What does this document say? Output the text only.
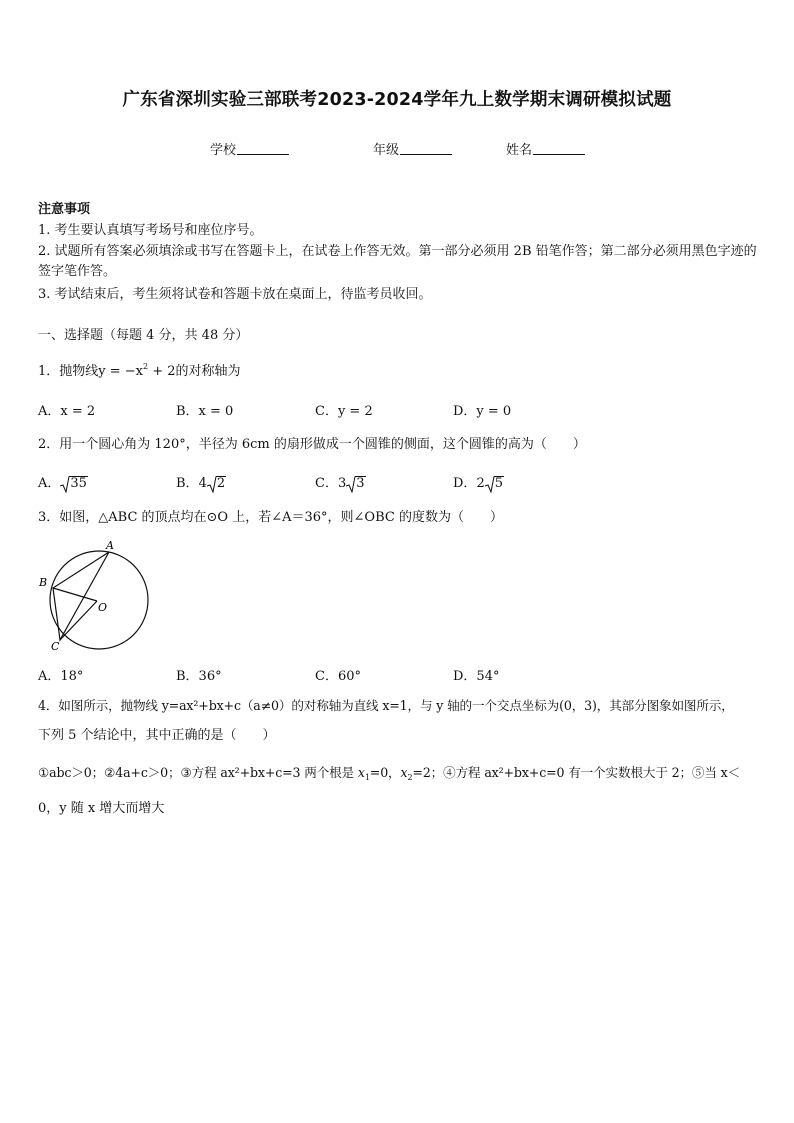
广东省深圳实验三部联考2023-2024学年九上数学期末调研模拟试题
学校	年级	姓名
注意事项
1. 考生要认真填写考场号和座位序号。
2. 试题所有答案必须填涂或书写在答题卡上，在试卷上作答无效。第一部分必须用 2B 铅笔作答；第二部分必须用黑色字迹的签字笔作答。
3. 考试结束后，考生须将试卷和答题卡放在桌面上，待监考员收回。
一、选择题（每题 4 分，共 48 分）
1．抛物线$y = -x^2 + 2$的对称轴为
A．x = 2	B．x = 0	C．y = 2	D．y = 0
2．用一个圆心角为 120°，半径为 6cm 的扇形做成一个圆锥的侧面，这个圆锥的高为（　　）
A． 35	B．4 2	C．3 3	D．2 5
3．如图，△ABC 的顶点均在⊙O 上，若∠A＝36°，则∠OBC 的度数为（　　）
A
B
C
O
A．18°	B．36°	C．60°	D．54°
4．如图所示，抛物线 y=ax²+bx+c（a≠0）的对称轴为直线 x=1，与 y 轴的一个交点坐标为(0，3)，其部分图象如图所示，
下列 5 个结论中，其中正确的是（　　）
①abc＞0；②4a+c＞0；③方程 ax²+bx+c=3 两个根是 $x_1=0$，$x_2=2$；④方程 ax²+bx+c=0 有一个实数根大于 2；⑤当 x＜
0，y 随 x 增大而增大
